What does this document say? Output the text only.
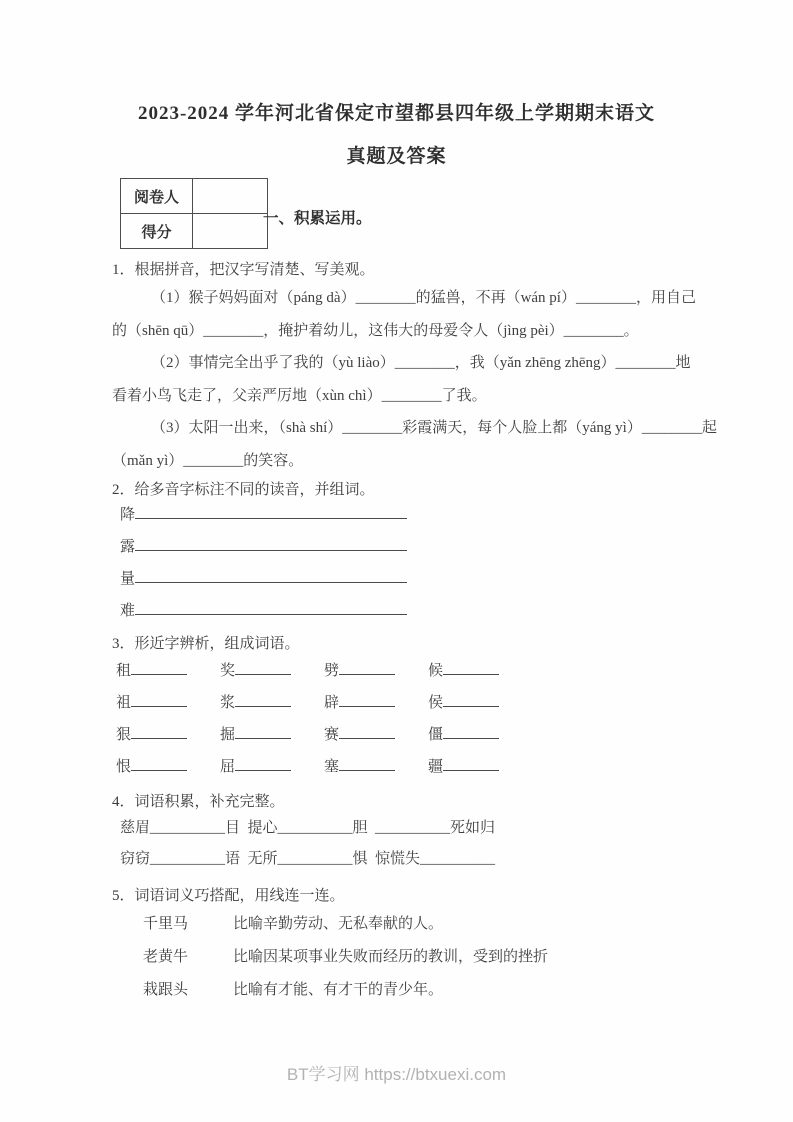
2023-2024 学年河北省保定市望都县四年级上学期期末语文
真题及答案
阅卷人	
得分	
一、积累运用。
1．根据拼音，把汉字写清楚、写美观。
（1）猴子妈妈面对（páng dà）________的猛兽，不再（wán pí）________，用自己
的（shēn qū）________，掩护着幼儿，这伟大的母爱令人（jìng pèi）________。
（2）事情完全出乎了我的（yù liào）________，我（yǎn zhēng zhēng）________地
看着小鸟飞走了，父亲严厉地（xùn chì）________了我。
（3）太阳一出来，（shà shí）________彩霞满天，每个人脸上都（yáng yì）________起
（mǎn yì）________的笑容。
2．给多音字标注不同的读音，并组词。
降
露
量
难
3．形近字辨析，组成词语。
租	奖	劈	候
祖	浆	辟	侯
狠	掘	赛	僵
恨	屈	塞	疆
4．词语积累，补充完整。
慈眉__________目  提心__________胆  __________死如归
窃窃__________语  无所__________惧  惊慌失__________
5．词语词义巧搭配，用线连一连。
千里马	比喻辛勤劳动、无私奉献的人。
老黄牛	比喻因某项事业失败而经历的教训，受到的挫折
栽跟头	比喻有才能、有才干的青少年。
BT学习网 https://btxuexi.com
